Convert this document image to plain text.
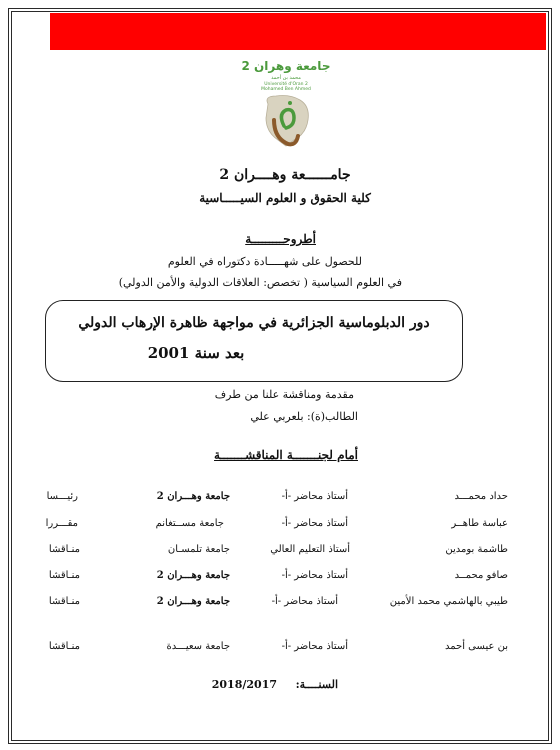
جامعة وهران 2
محمد بن أحمد
Université d'Oran 2
Mohamed Ben Ahmed
جامــــــعة وهــــران 2
كلية الحقوق و العلوم السيـــــاسية
أطروحـــــــــة
للحصول على شهـــــادة دكتوراه في العلوم
في العلوم السياسية ( تخصص: العلاقات الدولية والأمن الدولي)
دور الدبلوماسية الجزائرية في مواجهة ظاهرة الإرهاب الدولي
بعد سنة 2001
مقدمة ومناقشة علنا من طرف
الطالب(ة): بلعربي علي
أمام لجنـــــــة المناقشـــــــة
حداد محمـــد
أستاذ محاضر -أ-
جامعة وهـــران 2
رئيـــسا
عباسة طاهــر
أستاذ محاضر -أ-
جامعة مســتغانم
مقـــررا
طاشمة بومدين
أستاذ التعليم العالي
جامعة تلمسـان
منـاقشا
صافو محمــد
أستاذ محاضر -أ-
جامعة وهـــران 2
منـاقشا
طيبي بالهاشمي محمد الأمين
أستاذ محاضر -أ-
جامعة وهـــران 2
منـاقشا
بن عيسى أحمد
أستاذ محاضر -أ-
جامعة سعيـــدة
منـاقشا
السنــــة:
2018/2017
